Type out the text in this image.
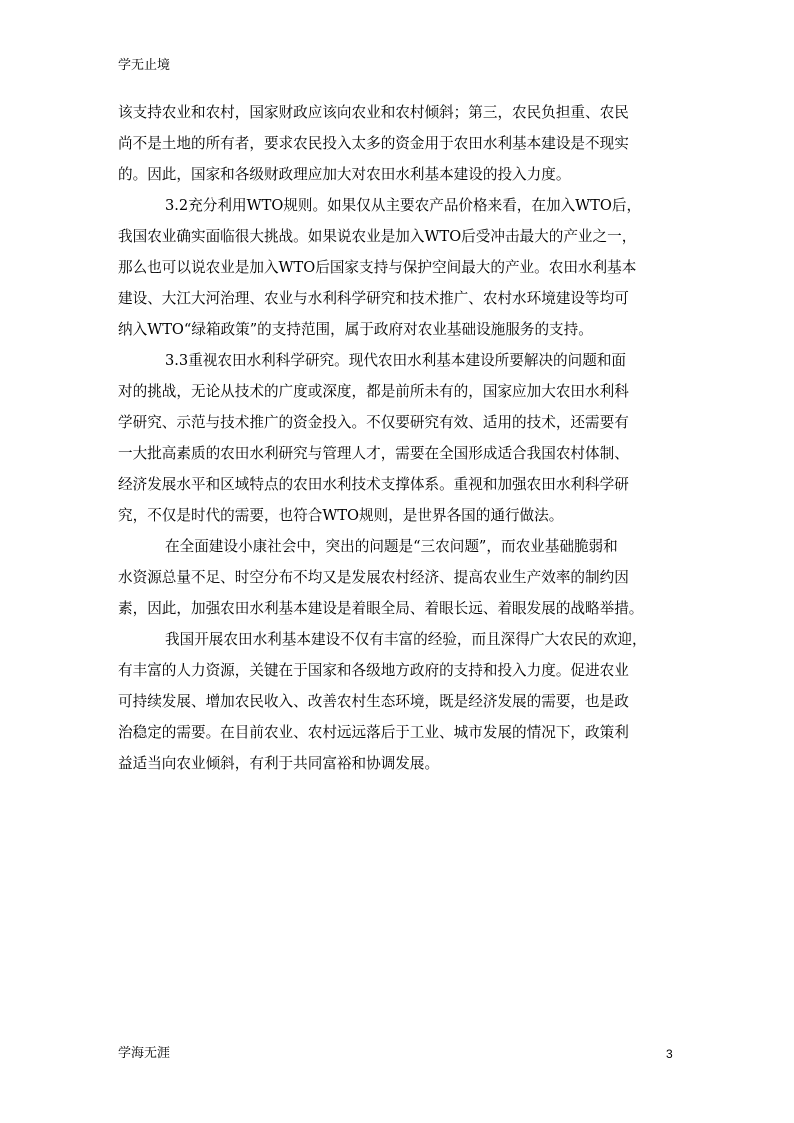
学无止境
该支持农业和农村，国家财政应该向农业和农村倾斜；第三，农民负担重、农民
尚不是土地的所有者，要求农民投入太多的资金用于农田水利基本建设是不现实
的。因此，国家和各级财政理应加大对农田水利基本建设的投入力度。
3.2充分利用WTO规则。如果仅从主要农产品价格来看，在加入WTO后，
我国农业确实面临很大挑战。如果说农业是加入WTO后受冲击最大的产业之一，
那么也可以说农业是加入WTO后国家支持与保护空间最大的产业。农田水利基本
建设、大江大河治理、农业与水利科学研究和技术推广、农村水环境建设等均可
纳入WTO“绿箱政策”的支持范围，属于政府对农业基础设施服务的支持。
3.3重视农田水利科学研究。现代农田水利基本建设所要解决的问题和面
对的挑战，无论从技术的广度或深度，都是前所未有的，国家应加大农田水利科
学研究、示范与技术推广的资金投入。不仅要研究有效、适用的技术，还需要有
一大批高素质的农田水利研究与管理人才，需要在全国形成适合我国农村体制、
经济发展水平和区域特点的农田水利技术支撑体系。重视和加强农田水利科学研
究，不仅是时代的需要，也符合WTO规则，是世界各国的通行做法。
在全面建设小康社会中，突出的问题是“三农问题”，而农业基础脆弱和
水资源总量不足、时空分布不均又是发展农村经济、提高农业生产效率的制约因
素，因此，加强农田水利基本建设是着眼全局、着眼长远、着眼发展的战略举措。
我国开展农田水利基本建设不仅有丰富的经验，而且深得广大农民的欢迎，
有丰富的人力资源，关键在于国家和各级地方政府的支持和投入力度。促进农业
可持续发展、增加农民收入、改善农村生态环境，既是经济发展的需要，也是政
治稳定的需要。在目前农业、农村远远落后于工业、城市发展的情况下，政策利
益适当向农业倾斜，有利于共同富裕和协调发展。
学海无涯	3
